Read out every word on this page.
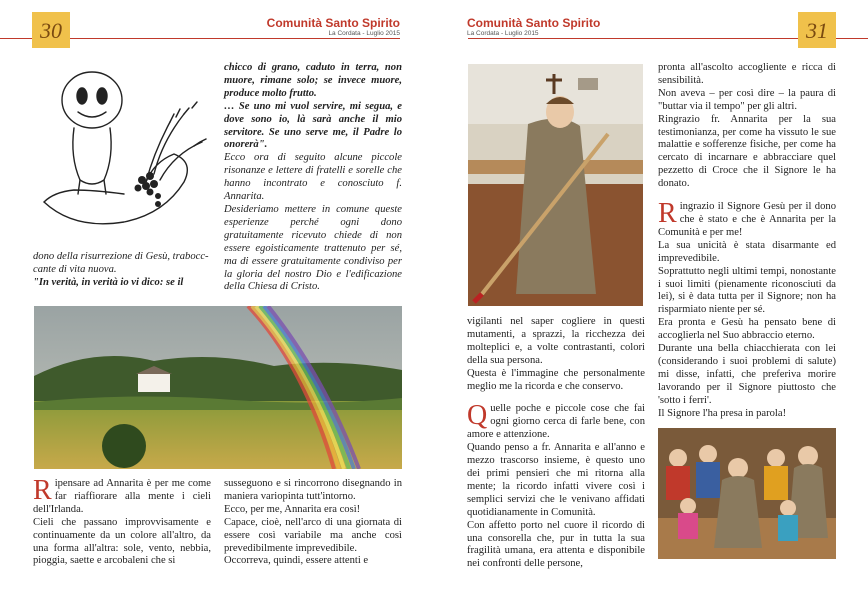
30	Comunità Santo Spirito
La Cordata - Luglio 2015

dono della risurrezione di Gesù, trabocc-

cante di vita nuova.

"In verità, in verità io vi dico: se il

chicco di grano, caduto in terra, non muore, rimane solo; se invece muore, produce molto frutto.

… Se uno mi vuol servire, mi segua, e dove sono io, là sarà anche il mio servitore. Se uno serve me, il Padre lo onorerà".

Ecco ora di seguito alcune piccole risonanze e lettere di fratelli e sorelle che hanno incontrato e conosciuto f. Annarita.

Desideriamo mettere in comune queste esperienze perché ogni dono gratuitamente ricevuto chiede di non essere egoisticamente trattenuto per sé, ma di essere gratuitamente condiviso per la gloria del nostro Dio e l'edificazione della Chiesa di Cristo.

Ripensare ad Annarita è per me come far riaffiorare alla mente i cieli dell'Irlanda.

Cieli che passano improvvisamente e continuamente da un colore all'altro, da una forma all'altra: sole, vento, nebbia, pioggia, saette e arcobaleni che si

susseguono e si rincorrono disegnando in maniera variopinta tutt'intorno.

Ecco, per me, Annarita era così!

Capace, cioè, nell'arco di una giornata di essere così variabile ma anche così prevedibilmente imprevedibile.

Occorreva, quindi, essere attenti e

31
Comunità Santo Spirito
La Cordata - Luglio 2015

vigilanti nel saper cogliere in questi mutamenti, a sprazzi, la ricchezza dei molteplici e, a volte contrastanti, colori della sua persona.

Questa è l'immagine che personalmente meglio me la ricorda e che conservo.

Quelle poche e piccole cose che fai ogni giorno cerca di farle bene, con amore e attenzione.

Quando penso a fr. Annarita e all'anno e mezzo trascorso insieme, è questo uno dei primi pensieri che mi ritorna alla mente; la ricordo infatti vivere così i semplici servizi che le venivano affidati quotidianamente in Comunità.

Con affetto porto nel cuore il ricordo di una consorella che, pur in tutta la sua fragilità umana, era attenta e disponibile nei confronti delle persone,

pronta all'ascolto accogliente e ricca di sensibilità.

Non aveva – per così dire – la paura di "buttar via il tempo" per gli altri.

Ringrazio fr. Annarita per la sua testimonianza, per come ha vissuto le sue malattie e sofferenze fisiche, per come ha cercato di incarnare e abbracciare quel pezzetto di Croce che il Signore le ha donato.

Ringrazio il Signore Gesù per il dono che è stato e che è Annarita per la Comunità e per me!

La sua unicità è stata disarmante ed imprevedibile.

Soprattutto negli ultimi tempi, nonostante i suoi limiti (pienamente riconosciuti da lei), si è data tutta per il Signore; non ha risparmiato niente per sé.

Era pronta e Gesù ha pensato bene di accoglierla nel Suo abbraccio eterno.

Durante una bella chiacchierata con lei (considerando i suoi problemi di salute) mi disse, infatti, che preferiva morire lavorando per il Signore piuttosto che 'sotto i ferri'.

Il Signore l'ha presa in parola!
